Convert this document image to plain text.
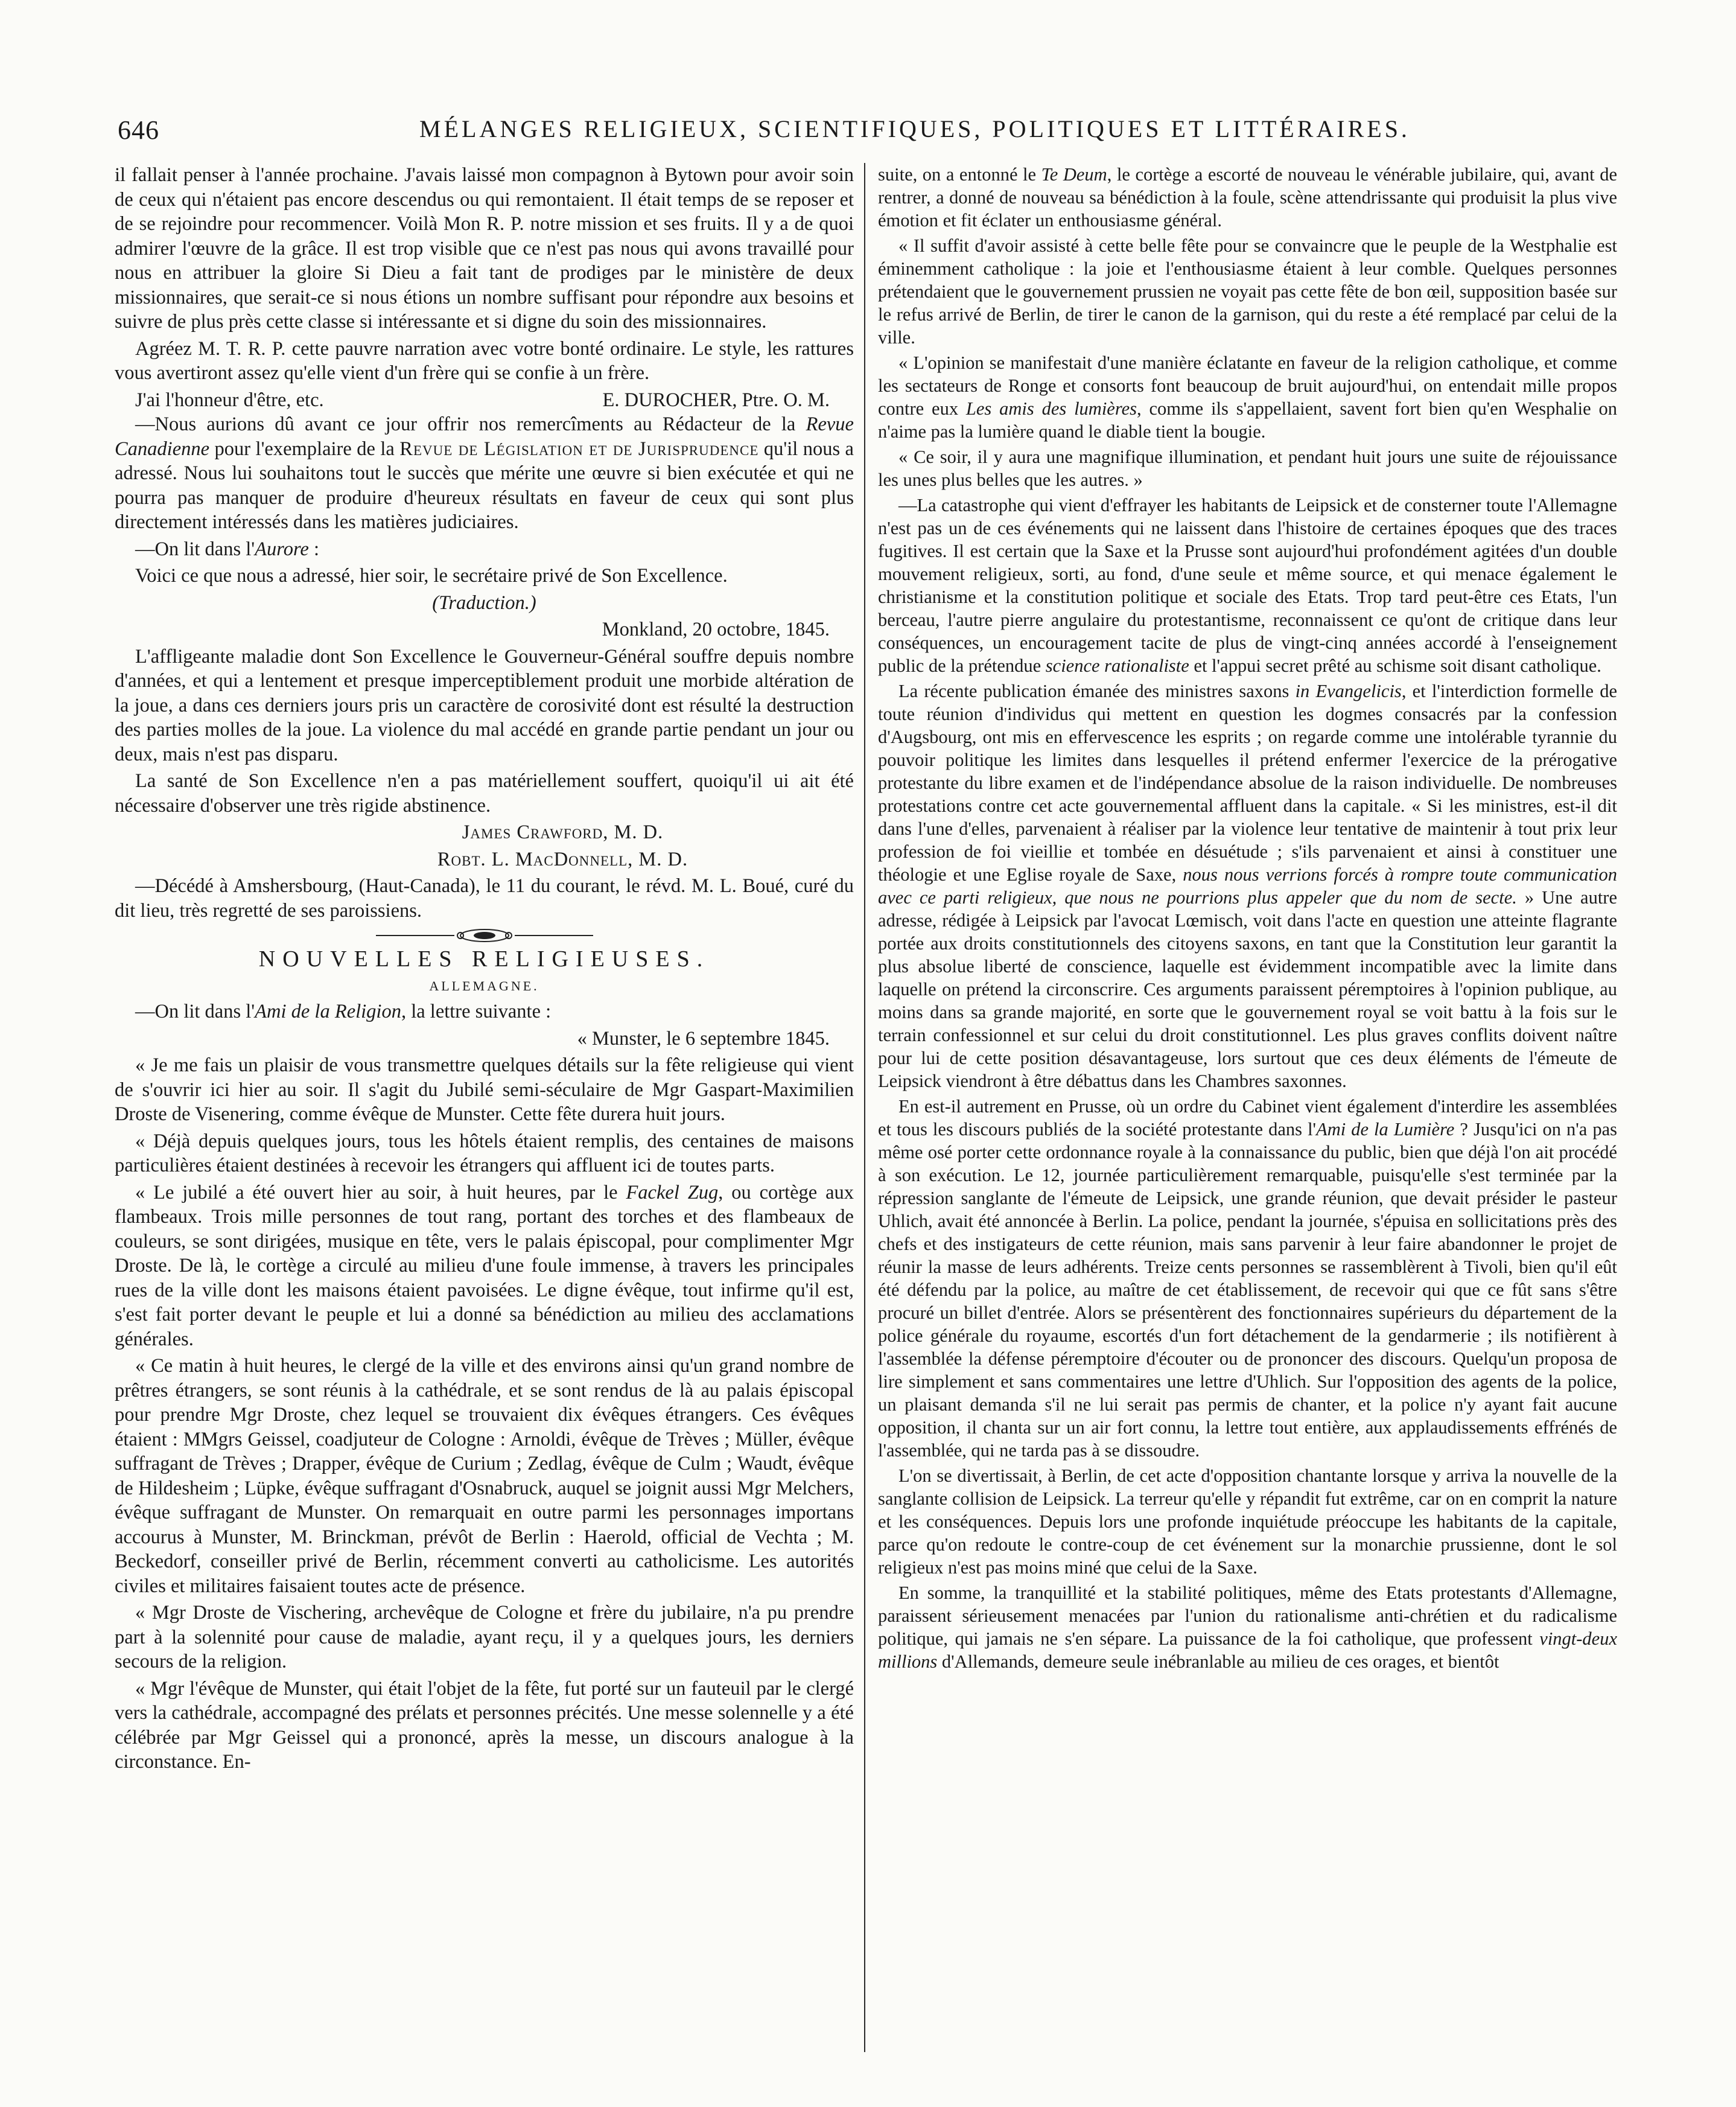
646	MÉLANGES RELIGIEUX, SCIENTIFIQUES, POLITIQUES ET LITTÉRAIRES.

il fallait penser à l'année prochaine. J'avais laissé mon compagnon à Bytown pour avoir soin de ceux qui n'étaient pas encore descendus ou qui remontaient. Il était temps de se reposer et de se rejoindre pour recommencer. Voilà Mon R. P. notre mission et ses fruits. Il y a de quoi admirer l'œuvre de la grâce. Il est trop visible que ce n'est pas nous qui avons travaillé pour nous en attribuer la gloire Si Dieu a fait tant de prodiges par le ministère de deux missionnaires, que serait-ce si nous étions un nombre suffisant pour répondre aux besoins et suivre de plus près cette classe si intéressante et si digne du soin des missionnaires.

Agréez M. T. R. P. cette pauvre narration avec votre bonté ordinaire. Le style, les rattures vous avertiront assez qu'elle vient d'un frère qui se confie à un frère.

J'ai l'honneur d'être, etc.	E. DUROCHER, Ptre. O. M.

—Nous aurions dû avant ce jour offrir nos remercîments au Rédacteur de la Revue Canadienne pour l'exemplaire de la Revue de Législation et de Jurisprudence qu'il nous a adressé. Nous lui souhaitons tout le succès que mérite une œuvre si bien exécutée et qui ne pourra pas manquer de produire d'heureux résultats en faveur de ceux qui sont plus directement intéressés dans les matières judiciaires.

—On lit dans l'Aurore :

Voici ce que nous a adressé, hier soir, le secrétaire privé de Son Excellence.

(Traduction.)

Monkland, 20 octobre, 1845.

L'affligeante maladie dont Son Excellence le Gouverneur-Général souffre depuis nombre d'années, et qui a lentement et presque imperceptiblement produit une morbide altération de la joue, a dans ces derniers jours pris un caractère de corosivité dont est résulté la destruction des parties molles de la joue. La violence du mal accédé en grande partie pendant un jour ou deux, mais n'est pas disparu.

La santé de Son Excellence n'en a pas matériellement souffert, quoiqu'il ui ait été nécessaire d'observer une très rigide abstinence.

James Crawford, M. D.

Robt. L. MacDonnell, M. D.

—Décédé à Amshersbourg, (Haut-Canada), le 11 du courant, le révd. M. L. Boué, curé du dit lieu, très regretté de ses paroissiens.

NOUVELLES RELIGIEUSES.

ALLEMAGNE.

—On lit dans l'Ami de la Religion, la lettre suivante :

« Munster, le 6 septembre 1845.

« Je me fais un plaisir de vous transmettre quelques détails sur la fête religieuse qui vient de s'ouvrir ici hier au soir. Il s'agit du Jubilé semi-séculaire de Mgr Gaspart-Maximilien Droste de Visenering, comme évêque de Munster. Cette fête durera huit jours.

« Déjà depuis quelques jours, tous les hôtels étaient remplis, des centaines de maisons particulières étaient destinées à recevoir les étrangers qui affluent ici de toutes parts.

« Le jubilé a été ouvert hier au soir, à huit heures, par le Fackel Zug, ou cortège aux flambeaux. Trois mille personnes de tout rang, portant des torches et des flambeaux de couleurs, se sont dirigées, musique en tête, vers le palais épiscopal, pour complimenter Mgr Droste. De là, le cortège a circulé au milieu d'une foule immense, à travers les principales rues de la ville dont les maisons étaient pavoisées. Le digne évêque, tout infirme qu'il est, s'est fait porter devant le peuple et lui a donné sa bénédiction au milieu des acclamations générales.

« Ce matin à huit heures, le clergé de la ville et des environs ainsi qu'un grand nombre de prêtres étrangers, se sont réunis à la cathédrale, et se sont rendus de là au palais épiscopal pour prendre Mgr Droste, chez lequel se trouvaient dix évêques étrangers. Ces évêques étaient : MMgrs Geissel, coadjuteur de Cologne : Arnoldi, évêque de Trèves ; Müller, évêque suffragant de Trèves ; Drapper, évêque de Curium ; Zedlag, évêque de Culm ; Waudt, évêque de Hildesheim ; Lüpke, évêque suffragant d'Osnabruck, auquel se joignit aussi Mgr Melchers, évêque suffragant de Munster. On remarquait en outre parmi les personnages importans accourus à Munster, M. Brinckman, prévôt de Berlin : Haerold, official de Vechta ; M. Beckedorf, conseiller privé de Berlin, récemment converti au catholicisme. Les autorités civiles et militaires faisaient toutes acte de présence.

« Mgr Droste de Vischering, archevêque de Cologne et frère du jubilaire, n'a pu prendre part à la solennité pour cause de maladie, ayant reçu, il y a quelques jours, les derniers secours de la religion.

« Mgr l'évêque de Munster, qui était l'objet de la fête, fut porté sur un fauteuil par le clergé vers la cathédrale, accompagné des prélats et personnes précités. Une messe solennelle y a été célébrée par Mgr Geissel qui a prononcé, après la messe, un discours analogue à la circonstance. En-

suite, on a entonné le Te Deum, le cortège a escorté de nouveau le vénérable jubilaire, qui, avant de rentrer, a donné de nouveau sa bénédiction à la foule, scène attendrissante qui produisit la plus vive émotion et fit éclater un enthousiasme général.

« Il suffit d'avoir assisté à cette belle fête pour se convaincre que le peuple de la Westphalie est éminemment catholique : la joie et l'enthousiasme étaient à leur comble. Quelques personnes prétendaient que le gouvernement prussien ne voyait pas cette fête de bon œil, supposition basée sur le refus arrivé de Berlin, de tirer le canon de la garnison, qui du reste a été remplacé par celui de la ville.

« L'opinion se manifestait d'une manière éclatante en faveur de la religion catholique, et comme les sectateurs de Ronge et consorts font beaucoup de bruit aujourd'hui, on entendait mille propos contre eux Les amis des lumières, comme ils s'appellaient, savent fort bien qu'en Wesphalie on n'aime pas la lumière quand le diable tient la bougie.

« Ce soir, il y aura une magnifique illumination, et pendant huit jours une suite de réjouissance les unes plus belles que les autres. »

—La catastrophe qui vient d'effrayer les habitants de Leipsick et de consterner toute l'Allemagne n'est pas un de ces événements qui ne laissent dans l'histoire de certaines époques que des traces fugitives. Il est certain que la Saxe et la Prusse sont aujourd'hui profondément agitées d'un double mouvement religieux, sorti, au fond, d'une seule et même source, et qui menace également le christianisme et la constitution politique et sociale des Etats. Trop tard peut-être ces Etats, l'un berceau, l'autre pierre angulaire du protestantisme, reconnaissent ce qu'ont de critique dans leur conséquences, un encouragement tacite de plus de vingt-cinq années accordé à l'enseignement public de la prétendue science rationaliste et l'appui secret prêté au schisme soit disant catholique.

La récente publication émanée des ministres saxons in Evangelicis, et l'interdiction formelle de toute réunion d'individus qui mettent en question les dogmes consacrés par la confession d'Augsbourg, ont mis en effervescence les esprits ; on regarde comme une intolérable tyrannie du pouvoir politique les limites dans lesquelles il prétend enfermer l'exercice de la prérogative protestante du libre examen et de l'indépendance absolue de la raison individuelle. De nombreuses protestations contre cet acte gouvernemental affluent dans la capitale. « Si les ministres, est-il dit dans l'une d'elles, parvenaient à réaliser par la violence leur tentative de maintenir à tout prix leur profession de foi vieillie et tombée en désuétude ; s'ils parvenaient et ainsi à constituer une théologie et une Eglise royale de Saxe, nous nous verrions forcés à rompre toute communication avec ce parti religieux, que nous ne pourrions plus appeler que du nom de secte. » Une autre adresse, rédigée à Leipsick par l'avocat Lœmisch, voit dans l'acte en question une atteinte flagrante portée aux droits constitutionnels des citoyens saxons, en tant que la Constitution leur garantit la plus absolue liberté de conscience, laquelle est évidemment incompatible avec la limite dans laquelle on prétend la circonscrire. Ces arguments paraissent péremptoires à l'opinion publique, au moins dans sa grande majorité, en sorte que le gouvernement royal se voit battu à la fois sur le terrain confessionnel et sur celui du droit constitutionnel. Les plus graves conflits doivent naître pour lui de cette position désavantageuse, lors surtout que ces deux éléments de l'émeute de Leipsick viendront à être débattus dans les Chambres saxonnes.

En est-il autrement en Prusse, où un ordre du Cabinet vient également d'interdire les assemblées et tous les discours publiés de la société protestante dans l'Ami de la Lumière ? Jusqu'ici on n'a pas même osé porter cette ordonnance royale à la connaissance du public, bien que déjà l'on ait procédé à son exécution. Le 12, journée particulièrement remarquable, puisqu'elle s'est terminée par la répression sanglante de l'émeute de Leipsick, une grande réunion, que devait présider le pasteur Uhlich, avait été annoncée à Berlin. La police, pendant la journée, s'épuisa en sollicitations près des chefs et des instigateurs de cette réunion, mais sans parvenir à leur faire abandonner le projet de réunir la masse de leurs adhérents. Treize cents personnes se rassemblèrent à Tivoli, bien qu'il eût été défendu par la police, au maître de cet établissement, de recevoir qui que ce fût sans s'être procuré un billet d'entrée. Alors se présentèrent des fonctionnaires supérieurs du département de la police générale du royaume, escortés d'un fort détachement de la gendarmerie ; ils notifièrent à l'assemblée la défense péremptoire d'écouter ou de prononcer des discours. Quelqu'un proposa de lire simplement et sans commentaires une lettre d'Uhlich. Sur l'opposition des agents de la police, un plaisant demanda s'il ne lui serait pas permis de chanter, et la police n'y ayant fait aucune opposition, il chanta sur un air fort connu, la lettre tout entière, aux applaudissements effrénés de l'assemblée, qui ne tarda pas à se dissoudre.

L'on se divertissait, à Berlin, de cet acte d'opposition chantante lorsque y arriva la nouvelle de la sanglante collision de Leipsick. La terreur qu'elle y répandit fut extrême, car on en comprit la nature et les conséquences. Depuis lors une profonde inquiétude préoccupe les habitants de la capitale, parce qu'on redoute le contre-coup de cet événement sur la monarchie prussienne, dont le sol religieux n'est pas moins miné que celui de la Saxe.

En somme, la tranquillité et la stabilité politiques, même des Etats protestants d'Allemagne, paraissent sérieusement menacées par l'union du rationalisme anti-chrétien et du radicalisme politique, qui jamais ne s'en sépare. La puissance de la foi catholique, que professent vingt-deux millions d'Allemands, demeure seule inébranlable au milieu de ces orages, et bientôt
